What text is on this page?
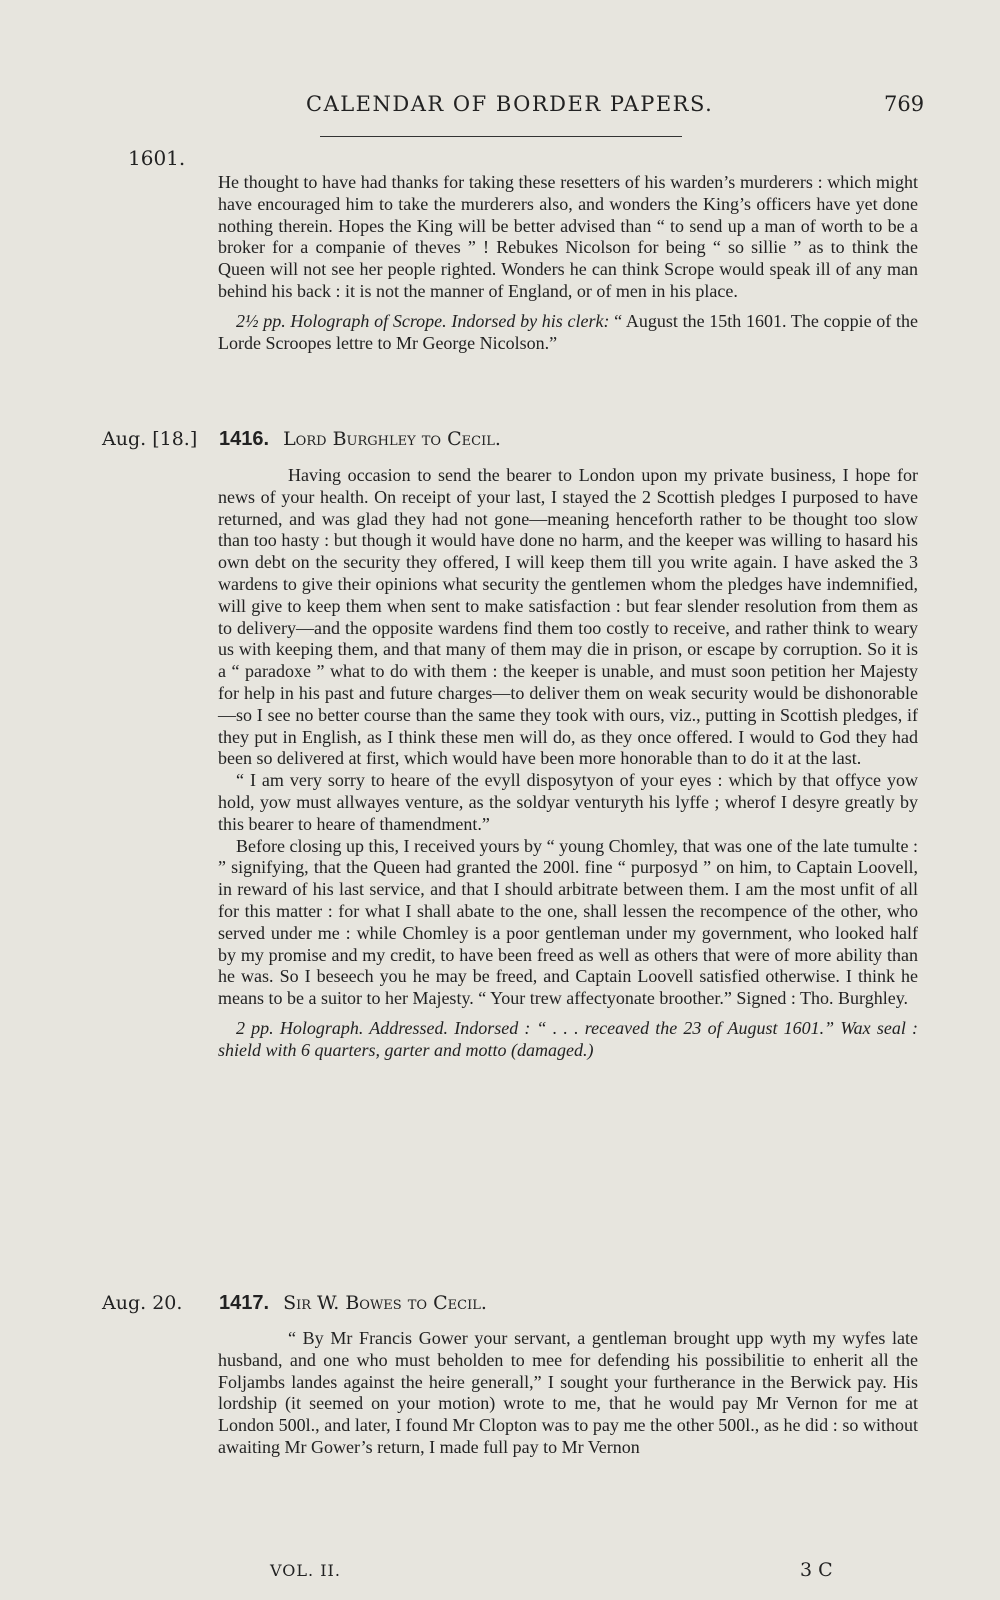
CALENDAR OF BORDER PAPERS.	769
1601.

He thought to have had thanks for taking these resetters of his warden’s murderers : which might have encouraged him to take the murderers also, and wonders the King’s officers have yet done nothing therein. Hopes the King will be better advised than “ to send up a man of worth to be a broker for a companie of theves ” ! Rebukes Nicolson for being “ so sillie ” as to think the Queen will not see her people righted. Wonders he can think Scrope would speak ill of any man behind his back : it is not the manner of England, or of men in his place.

2½ pp. Holograph of Scrope. Indorsed by his clerk: “ August the 15th 1601. The coppie of the Lorde Scroopes lettre to Mr George Nicolson.”

Aug. [18.] 1416. Lord Burghley to Cecil.

Having occasion to send the bearer to London upon my private business, I hope for news of your health. On receipt of your last, I stayed the 2 Scottish pledges I purposed to have returned, and was glad they had not gone—meaning henceforth rather to be thought too slow than too hasty : but though it would have done no harm, and the keeper was willing to hasard his own debt on the security they offered, I will keep them till you write again. I have asked the 3 wardens to give their opinions what security the gentlemen whom the pledges have indemnified, will give to keep them when sent to make satisfaction : but fear slender resolution from them as to delivery—and the opposite wardens find them too costly to receive, and rather think to weary us with keeping them, and that many of them may die in prison, or escape by corruption. So it is a “ paradoxe ” what to do with them : the keeper is unable, and must soon petition her Majesty for help in his past and future charges—to deliver them on weak security would be dishonorable—so I see no better course than the same they took with ours, viz., putting in Scottish pledges, if they put in English, as I think these men will do, as they once offered. I would to God they had been so delivered at first, which would have been more honorable than to do it at the last.

“ I am very sorry to heare of the evyll disposytyon of your eyes : which by that offyce yow hold, yow must allwayes venture, as the soldyar venturyth his lyffe ; wherof I desyre greatly by this bearer to heare of thamendment.”

Before closing up this, I received yours by “ young Chomley, that was one of the late tumulte : ” signifying, that the Queen had granted the 200l. fine “ purposyd ” on him, to Captain Loovell, in reward of his last service, and that I should arbitrate between them. I am the most unfit of all for this matter : for what I shall abate to the one, shall lessen the recompence of the other, who served under me : while Chomley is a poor gentleman under my government, who looked half by my promise and my credit, to have been freed as well as others that were of more ability than he was. So I beseech you he may be freed, and Captain Loovell satisfied otherwise. I think he means to be a suitor to her Majesty. “ Your trew affectyonate broother.” Signed : Tho. Burghley.

2 pp. Holograph. Addressed. Indorsed : “ . . . receaved the 23 of August 1601.” Wax seal : shield with 6 quarters, garter and motto (damaged.)

Aug. 20. 1417. Sir W. Bowes to Cecil.

“ By Mr Francis Gower your servant, a gentleman brought upp wyth my wyfes late husband, and one who must beholden to mee for defending his possibilitie to enherit all the Foljambs landes against the heire generall,” I sought your furtherance in the Berwick pay. His lordship (it seemed on your motion) wrote to me, that he would pay Mr Vernon for me at London 500l., and later, I found Mr Clopton was to pay me the other 500l., as he did : so without awaiting Mr Gower’s return, I made full pay to Mr Vernon

VOL. II.	3 C
